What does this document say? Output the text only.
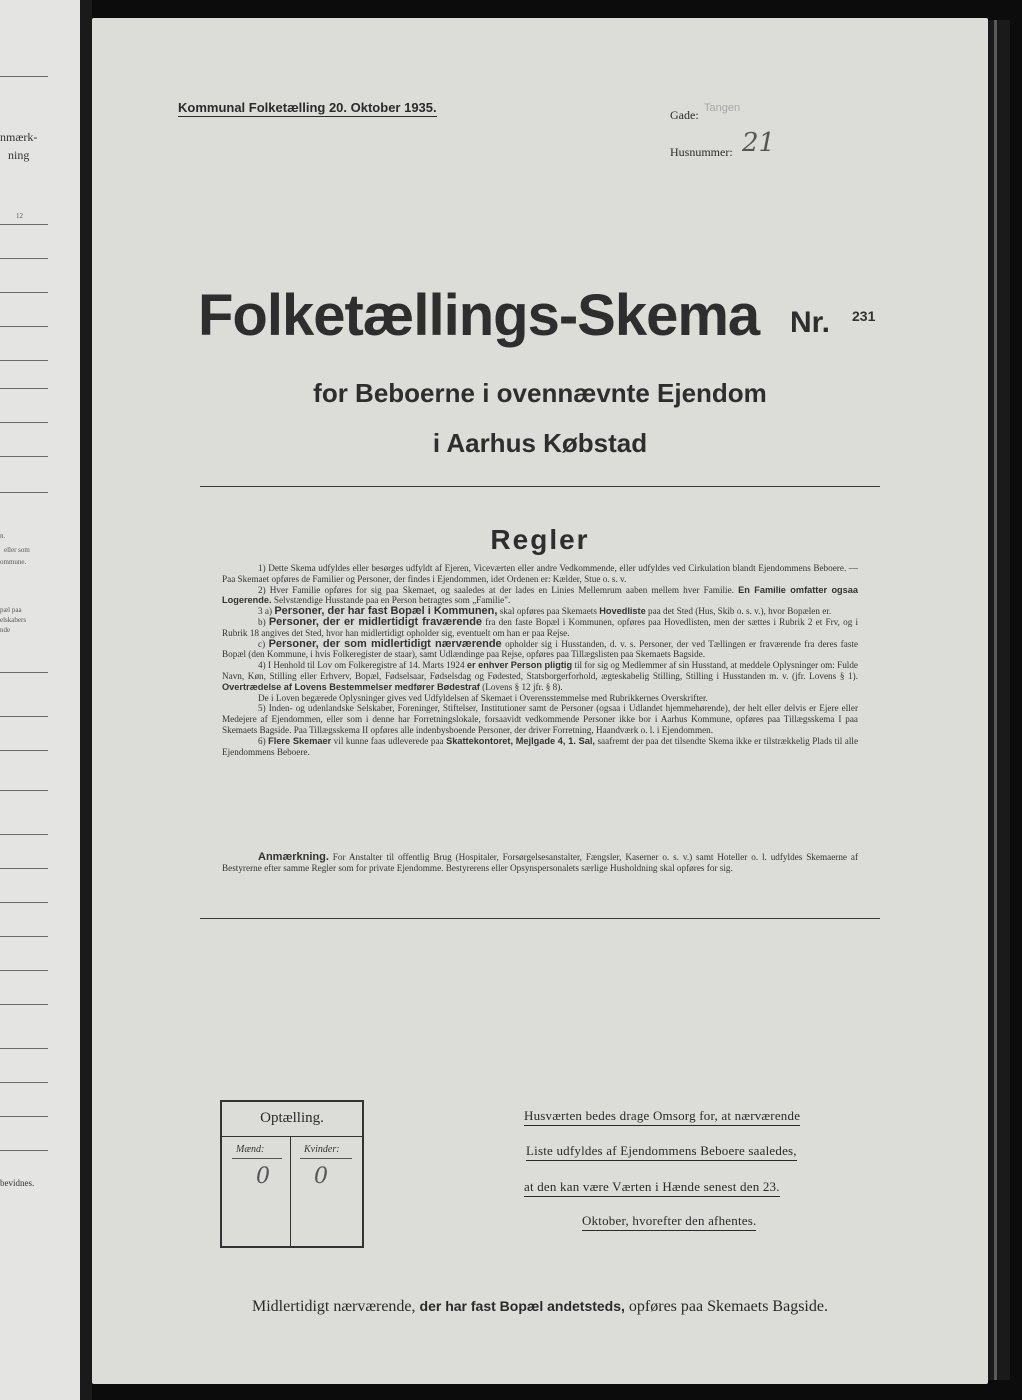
nmærk-
ning
12
n.
eller som
ommune.
pæl paa
elskabers
nde
bevidnes.
Kommunal Folketælling 20. Oktober 1935.	Gade: Tangen
Husnummer: 21
Folketællings-Skema Nr. 231
for Beboerne i ovennævnte Ejendom
i Aarhus Købstad
Regler

1) Dette Skema udfyldes eller besørges udfyldt af Ejeren, Viceværten eller andre Vedkommende, eller udfyldes ved Cirkulation blandt Ejendommens Beboere. — Paa Skemaet opføres de Familier og Personer, der findes i Ejendommen, idet Ordenen er: Kælder, Stue o. s. v.

2) Hver Familie opføres for sig paa Skemaet, og saaledes at der lades en Linies Mellemrum aaben mellem hver Familie. En Familie omfatter ogsaa Logerende. Selvstændige Husstande paa en Person betragtes som „Familie".

3 a) Personer, der har fast Bopæl i Kommunen, skal opføres paa Skemaets Hovedliste paa det Sted (Hus, Skib o. s. v.), hvor Bopælen er.

b) Personer, der er midlertidigt fraværende fra den faste Bopæl i Kommunen, opføres paa Hovedlisten, men der sættes i Rubrik 2 et Frv, og i Rubrik 18 angives det Sted, hvor han midlertidigt opholder sig, eventuelt om han er paa Rejse.

c) Personer, der som midlertidigt nærværende opholder sig i Husstanden, d. v. s. Personer, der ved Tællingen er fraværende fra deres faste Bopæl (den Kommune, i hvis Folkeregister de staar), samt Udlændinge paa Rejse, opføres paa Tillægslisten paa Skemaets Bagside.

4) I Henhold til Lov om Folkeregistre af 14. Marts 1924 er enhver Person pligtig til for sig og Medlemmer af sin Husstand, at meddele Oplysninger om: Fulde Navn, Køn, Stilling eller Erhverv, Bopæl, Fødselsaar, Fødselsdag og Fødested, Statsborgerforhold, ægteskabelig Stilling, Stilling i Husstanden m. v. (jfr. Lovens § 1). Overtrædelse af Lovens Bestemmelser medfører Bødestraf (Lovens § 12 jfr. § 8).

De i Loven begærede Oplysninger gives ved Udfyldelsen af Skemaet i Overensstemmelse med Rubrikkernes Overskrifter.

5) Inden- og udenlandske Selskaber, Foreninger, Stiftelser, Institutioner samt de Personer (ogsaa i Udlandet hjemmehørende), der helt eller delvis er Ejere eller Medejere af Ejendommen, eller som i denne har Forretningslokale, forsaavidt vedkommende Personer ikke bor i Aarhus Kommune, opføres paa Tillægsskema I paa Skemaets Bagside. Paa Tillægsskema II opføres alle indenbysboende Personer, der driver Forretning, Haandværk o. l. i Ejendommen.

6) Flere Skemaer vil kunne faas udleverede paa Skattekontoret, Mejlgade 4, 1. Sal, saafremt der paa det tilsendte Skema ikke er tilstrækkelig Plads til alle Ejendommens Beboere.

Anmærkning. For Anstalter til offentlig Brug (Hospitaler, Forsørgelsesanstalter, Fængsler, Kaserner o. s. v.) samt Hoteller o. l. udfyldes Skemaerne af Bestyrerne efter samme Regler som for private Ejendomme. Bestyrerens eller Opsynspersonalets særlige Husholdning skal opføres for sig.
Optælling.
Mænd:	Kvinder:
0 0
Husværten bedes drage Omsorg for, at nærværende
Liste udfyldes af Ejendommens Beboere saaledes,
at den kan være Værten i Hænde senest den 23.
Oktober, hvorefter den afhentes.
Midlertidigt nærværende, der har fast Bopæl andetsteds, opføres paa Skemaets Bagside.
